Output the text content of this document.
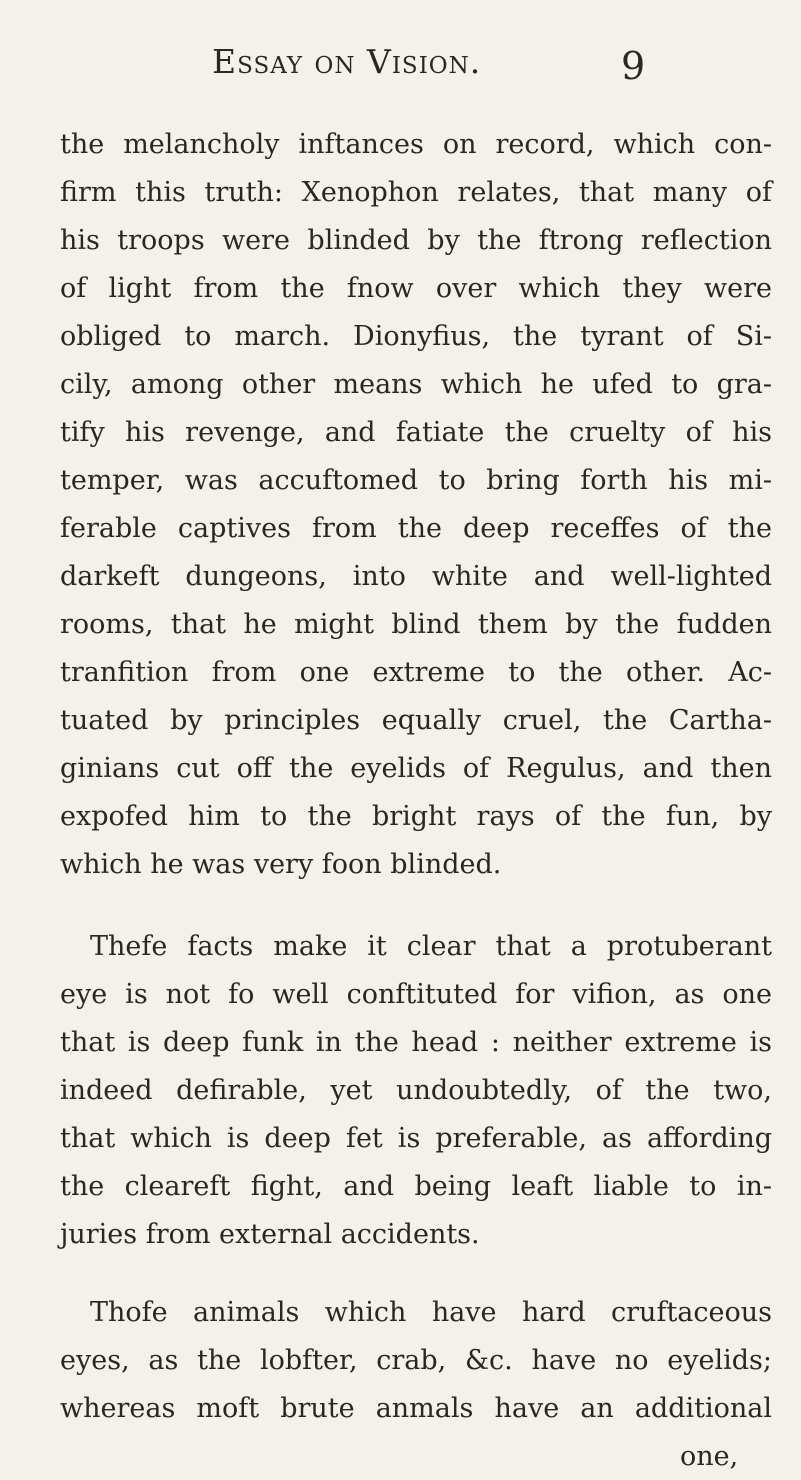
Essay on Vision.	9
the melancholy inftances on record, which con-
firm this truth: Xenophon relates, that many of
his troops were blinded by the ftrong reflection
of light from the fnow over which they were
obliged to march. Dionyfius, the tyrant of Si-
cily, among other means which he ufed to gra-
tify his revenge, and fatiate the cruelty of his
temper, was accuftomed to bring forth his mi-
ferable captives from the deep receffes of the
darkeft dungeons, into white and well-lighted
rooms, that he might blind them by the fudden
tranfition from one extreme to the other. Ac-
tuated by principles equally cruel, the Cartha-
ginians cut off the eyelids of Regulus, and then
expofed him to the bright rays of the fun, by
which he was very foon blinded.
Thefe facts make it clear that a protuberant
eye is not fo well conftituted for vifion, as one
that is deep funk in the head : neither extreme is
indeed defirable, yet undoubtedly, of the two,
that which is deep fet is preferable, as affording
the cleareft fight, and being leaft liable to in-
juries from external accidents.
Thofe animals which have hard cruftaceous
eyes, as the lobfter, crab, &c. have no eyelids;
whereas moft brute anmals have an additional
one,
